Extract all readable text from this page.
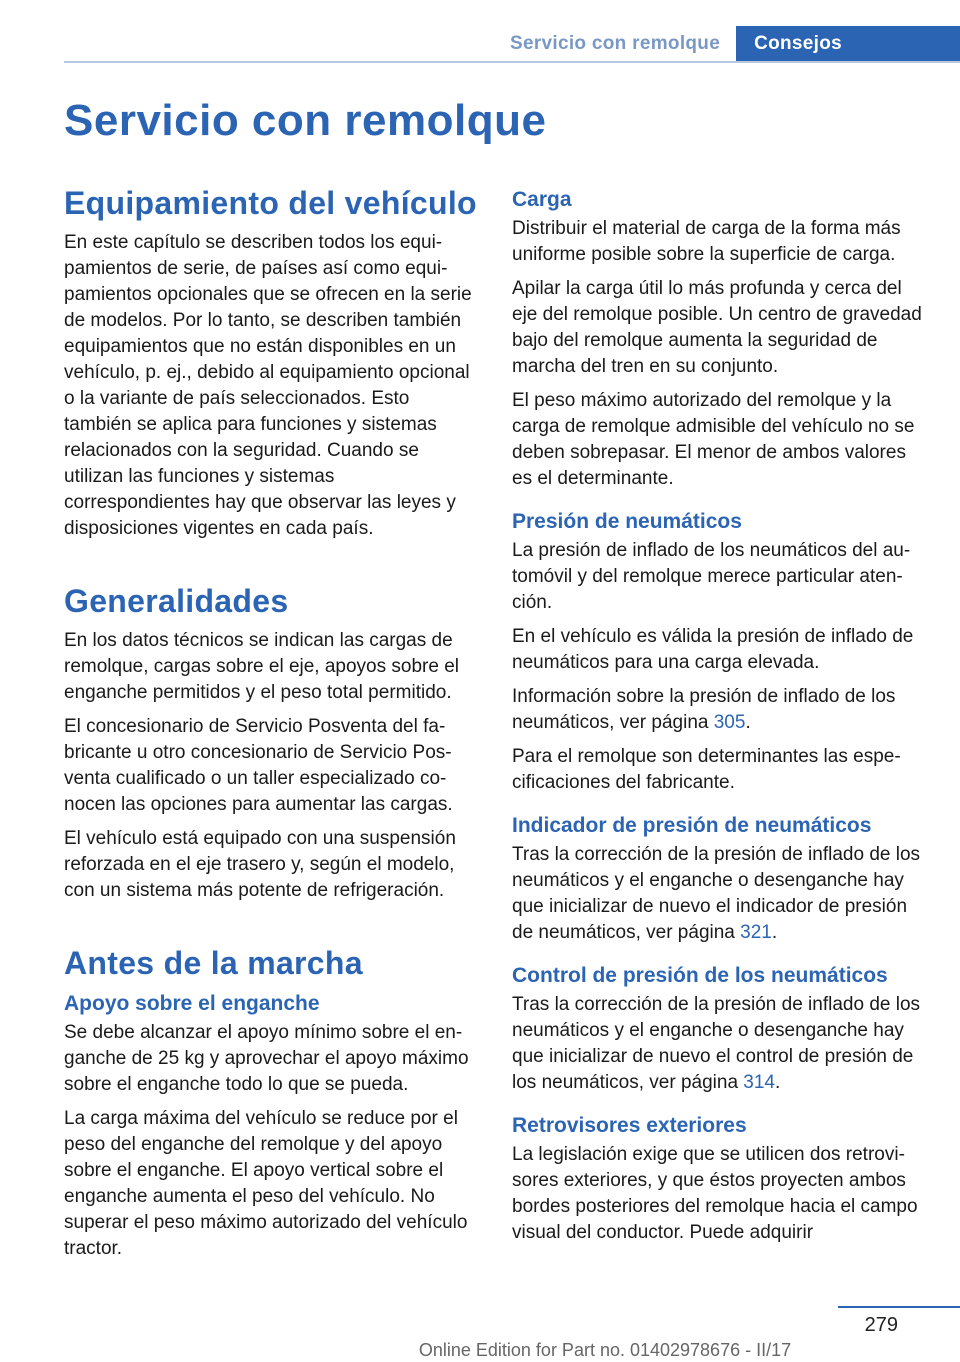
Servicio con remolque	Consejos
Servicio con remolque
Equipamiento del vehículo

En este capítulo se describen todos los equipamientos de serie, de países así como equipamientos opcionales que se ofrecen en la serie de modelos. Por lo tanto, se describen también equipamientos que no están disponibles en un vehículo, p. ej., debido al equipamiento opcional o la variante de país seleccionados. Esto también se aplica para funciones y sistemas relacionados con la seguridad. Cuando se utilizan las funciones y sistemas correspondientes hay que observar las leyes y disposiciones vigentes en cada país.

Generalidades

En los datos técnicos se indican las cargas de remolque, cargas sobre el eje, apoyos sobre el enganche permitidos y el peso total permitido.

El concesionario de Servicio Posventa del fabricante u otro concesionario de Servicio Posventa cualificado o un taller especializado conocen las opciones para aumentar las cargas.

El vehículo está equipado con una suspensión reforzada en el eje trasero y, según el modelo, con un sistema más potente de refrigeración.

Antes de la marcha
Apoyo sobre el enganche

Se debe alcanzar el apoyo mínimo sobre el enganche de 25 kg y aprovechar el apoyo máximo sobre el enganche todo lo que se pueda.

La carga máxima del vehículo se reduce por el peso del enganche del remolque y del apoyo sobre el enganche. El apoyo vertical sobre el enganche aumenta el peso del vehículo. No superar el peso máximo autorizado del vehículo tractor.

Carga

Distribuir el material de carga de la forma más uniforme posible sobre la superficie de carga.

Apilar la carga útil lo más profunda y cerca del eje del remolque posible. Un centro de gravedad bajo del remolque aumenta la seguridad de marcha del tren en su conjunto.

El peso máximo autorizado del remolque y la carga de remolque admisible del vehículo no se deben sobrepasar. El menor de ambos valores es el determinante.

Presión de neumáticos

La presión de inflado de los neumáticos del automóvil y del remolque merece particular atención.

En el vehículo es válida la presión de inflado de neumáticos para una carga elevada.

Información sobre la presión de inflado de los neumáticos, ver página 305.

Para el remolque son determinantes las especificaciones del fabricante.

Indicador de presión de neumáticos

Tras la corrección de la presión de inflado de los neumáticos y el enganche o desenganche hay que inicializar de nuevo el indicador de presión de neumáticos, ver página 321.

Control de presión de los neumáticos

Tras la corrección de la presión de inflado de los neumáticos y el enganche o desenganche hay que inicializar de nuevo el control de presión de los neumáticos, ver página 314.

Retrovisores exteriores

La legislación exige que se utilicen dos retrovisores exteriores, y que éstos proyecten ambos bordes posteriores del remolque hacia el campo visual del conductor. Puede adquirir

279
Online Edition for Part no. 01402978676 - II/17
